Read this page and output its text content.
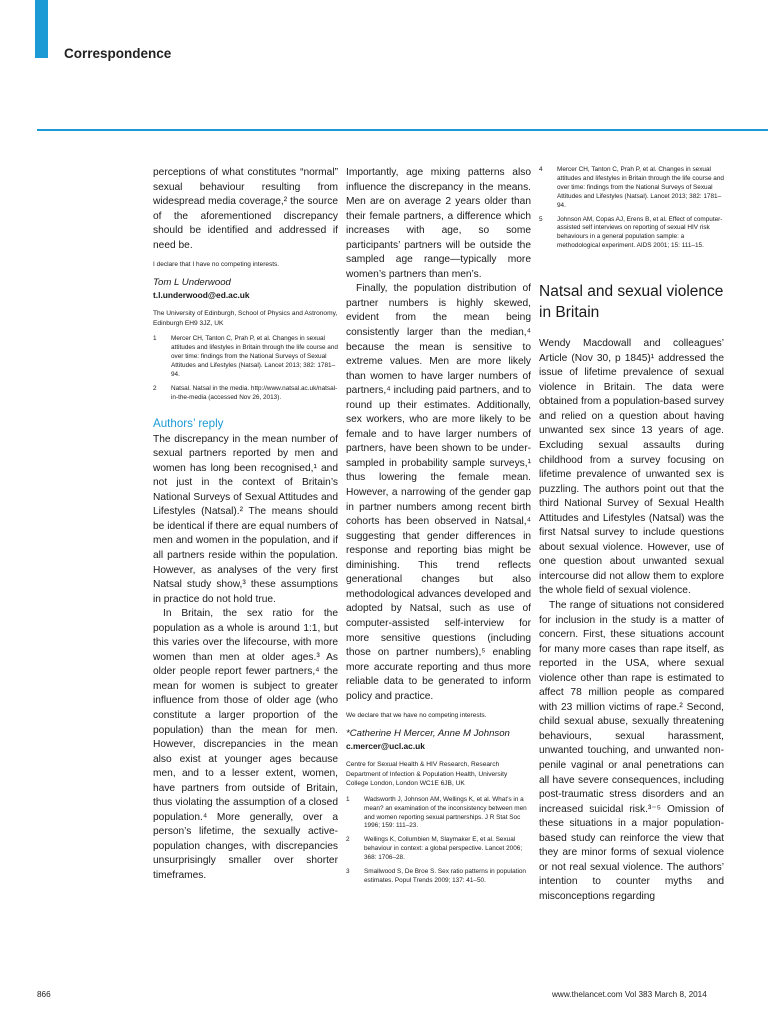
Correspondence

perceptions of what constitutes “normal” sexual behaviour resulting from widespread media coverage,² the source of the aforementioned discrepancy should be identified and addressed if need be.

I declare that I have no competing interests.

Tom L Underwood

t.l.underwood@ed.ac.uk

The University of Edinburgh, School of Physics and Astronomy, Edinburgh EH9 3JZ, UK

1	Mercer CH, Tanton C, Prah P, et al. Changes in sexual attitudes and lifestyles in Britain through the life course and over time: findings from the National Surveys of Sexual Attitudes and Lifestyles (Natsal). Lancet 2013; 382: 1781–94.
2	Natsal. Natsal in the media. http://www.natsal.ac.uk/natsal-in-the-media (accessed Nov 26, 2013).
Authors’ reply

The discrepancy in the mean number of sexual partners reported by men and women has long been recognised,¹ and not just in the context of Britain’s National Surveys of Sexual Attitudes and Lifestyles (Natsal).² The means should be identical if there are equal numbers of men and women in the population, and if all partners reside within the population. However, as analyses of the very first Natsal study show,³ these assumptions in practice do not hold true.

In Britain, the sex ratio for the population as a whole is around 1:1, but this varies over the lifecourse, with more women than men at older ages.³ As older people report fewer partners,⁴ the mean for women is subject to greater influence from those of older age (who constitute a larger proportion of the population) than the mean for men. However, discrepancies in the mean also exist at younger ages because men, and to a lesser extent, women, have partners from outside of Britain, thus violating the assumption of a closed population.⁴ More generally, over a person’s lifetime, the sexually active-population changes, with discrepancies unsurprisingly smaller over shorter timeframes.

Importantly, age mixing patterns also influence the discrepancy in the means. Men are on average 2 years older than their female partners, a difference which increases with age, so some participants’ partners will be outside the sampled age range—typically more women’s partners than men’s.

Finally, the population distribution of partner numbers is highly skewed, evident from the mean being consistently larger than the median,⁴ because the mean is sensitive to extreme values. Men are more likely than women to have larger numbers of partners,⁴ including paid partners, and to round up their estimates. Additionally, sex workers, who are more likely to be female and to have larger numbers of partners, have been shown to be under-sampled in probability sample surveys,¹ thus lowering the female mean. However, a narrowing of the gender gap in partner numbers among recent birth cohorts has been observed in Natsal,⁴ suggesting that gender differences in response and reporting bias might be diminishing. This trend reflects generational changes but also methodological advances developed and adopted by Natsal, such as use of computer-assisted self-interview for more sensitive questions (including those on partner numbers),⁵ enabling more accurate reporting and thus more reliable data to be generated to inform policy and practice.

We declare that we have no competing interests.

*Catherine H Mercer, Anne M Johnson

c.mercer@ucl.ac.uk

Centre for Sexual Health & HIV Research, Research Department of Infection & Population Health, University College London, London WC1E 6JB, UK

1	Wadsworth J, Johnson AM, Wellings K, et al. What’s in a mean? an examination of the inconsistency between men and women reporting sexual partnerships. J R Stat Soc 1996; 159: 111–23.
2	Wellings K, Collumbien M, Slaymaker E, et al. Sexual behaviour in context: a global perspective. Lancet 2006; 368: 1706–28.
3	Smallwood S, De Broe S. Sex ratio patterns in population estimates. Popul Trends 2009; 137: 41–50.
4	Mercer CH, Tanton C, Prah P, et al. Changes in sexual attitudes and lifestyles in Britain through the life course and over time: findings from the National Surveys of Sexual Attitudes and Lifestyles (Natsal). Lancet 2013; 382: 1781–94.
5	Johnson AM, Copas AJ, Erens B, et al. Effect of computer-assisted self interviews on reporting of sexual HIV risk behaviours in a general population sample: a methodological experiment. AIDS 2001; 15: 111–15.
Natsal and sexual violence in Britain

Wendy Macdowall and colleagues’ Article (Nov 30, p 1845)¹ addressed the issue of lifetime prevalence of sexual violence in Britain. The data were obtained from a population-based survey and relied on a question about having unwanted sex since 13 years of age. Excluding sexual assaults during childhood from a survey focusing on lifetime prevalence of unwanted sex is puzzling. The authors point out that the third National Survey of Sexual Health Attitudes and Lifestyles (Natsal) was the first Natsal survey to include questions about sexual violence. However, use of one question about unwanted sexual intercourse did not allow them to explore the whole field of sexual violence.

The range of situations not considered for inclusion in the study is a matter of concern. First, these situations account for many more cases than rape itself, as reported in the USA, where sexual violence other than rape is estimated to affect 78 million people as compared with 23 million victims of rape.² Second, child sexual abuse, sexually threatening behaviours, sexual harassment, unwanted touching, and unwanted non-penile vaginal or anal penetrations can all have severe consequences, including post-traumatic stress disorders and an increased suicidal risk.³⁻⁵ Omission of these situations in a major population-based study can reinforce the view that they are minor forms of sexual violence or not real sexual violence. The authors’ intention to counter myths and misconceptions regarding

866	www.thelancet.com Vol 383 March 8, 2014
